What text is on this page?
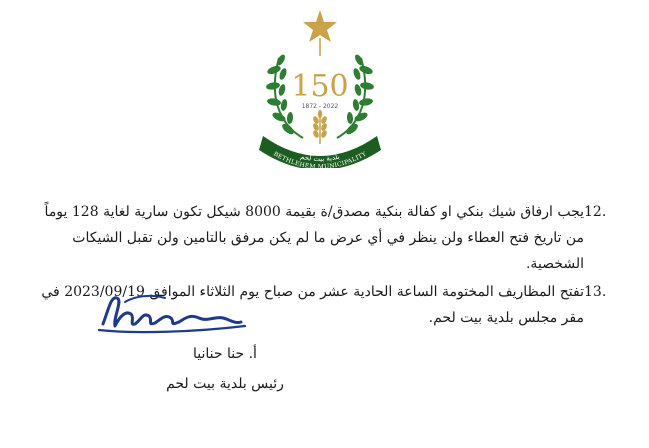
150
1872 - 2022
بلدية بيت لحم
BETHLEHEM MUNICIPALITY
12.
يجب ارفاق شيك بنكي او كفالة بنكية مصدق/ة بقيمة 8000 شيكل تكون سارية لغاية 128 يوماً من تاريخ فتح العطاء ولن ينظر في أي عرض ما لم يكن مرفق بالتامين ولن تقبل الشيكات الشخصية.
13.
تفتح المظاريف المختومة الساعة الحادية عشر من صباح يوم الثلاثاء الموافق 2023/09/19 في مقر مجلس بلدية بيت لحم.
أ. حنا حنانيا
رئيس بلدية بيت لحم
